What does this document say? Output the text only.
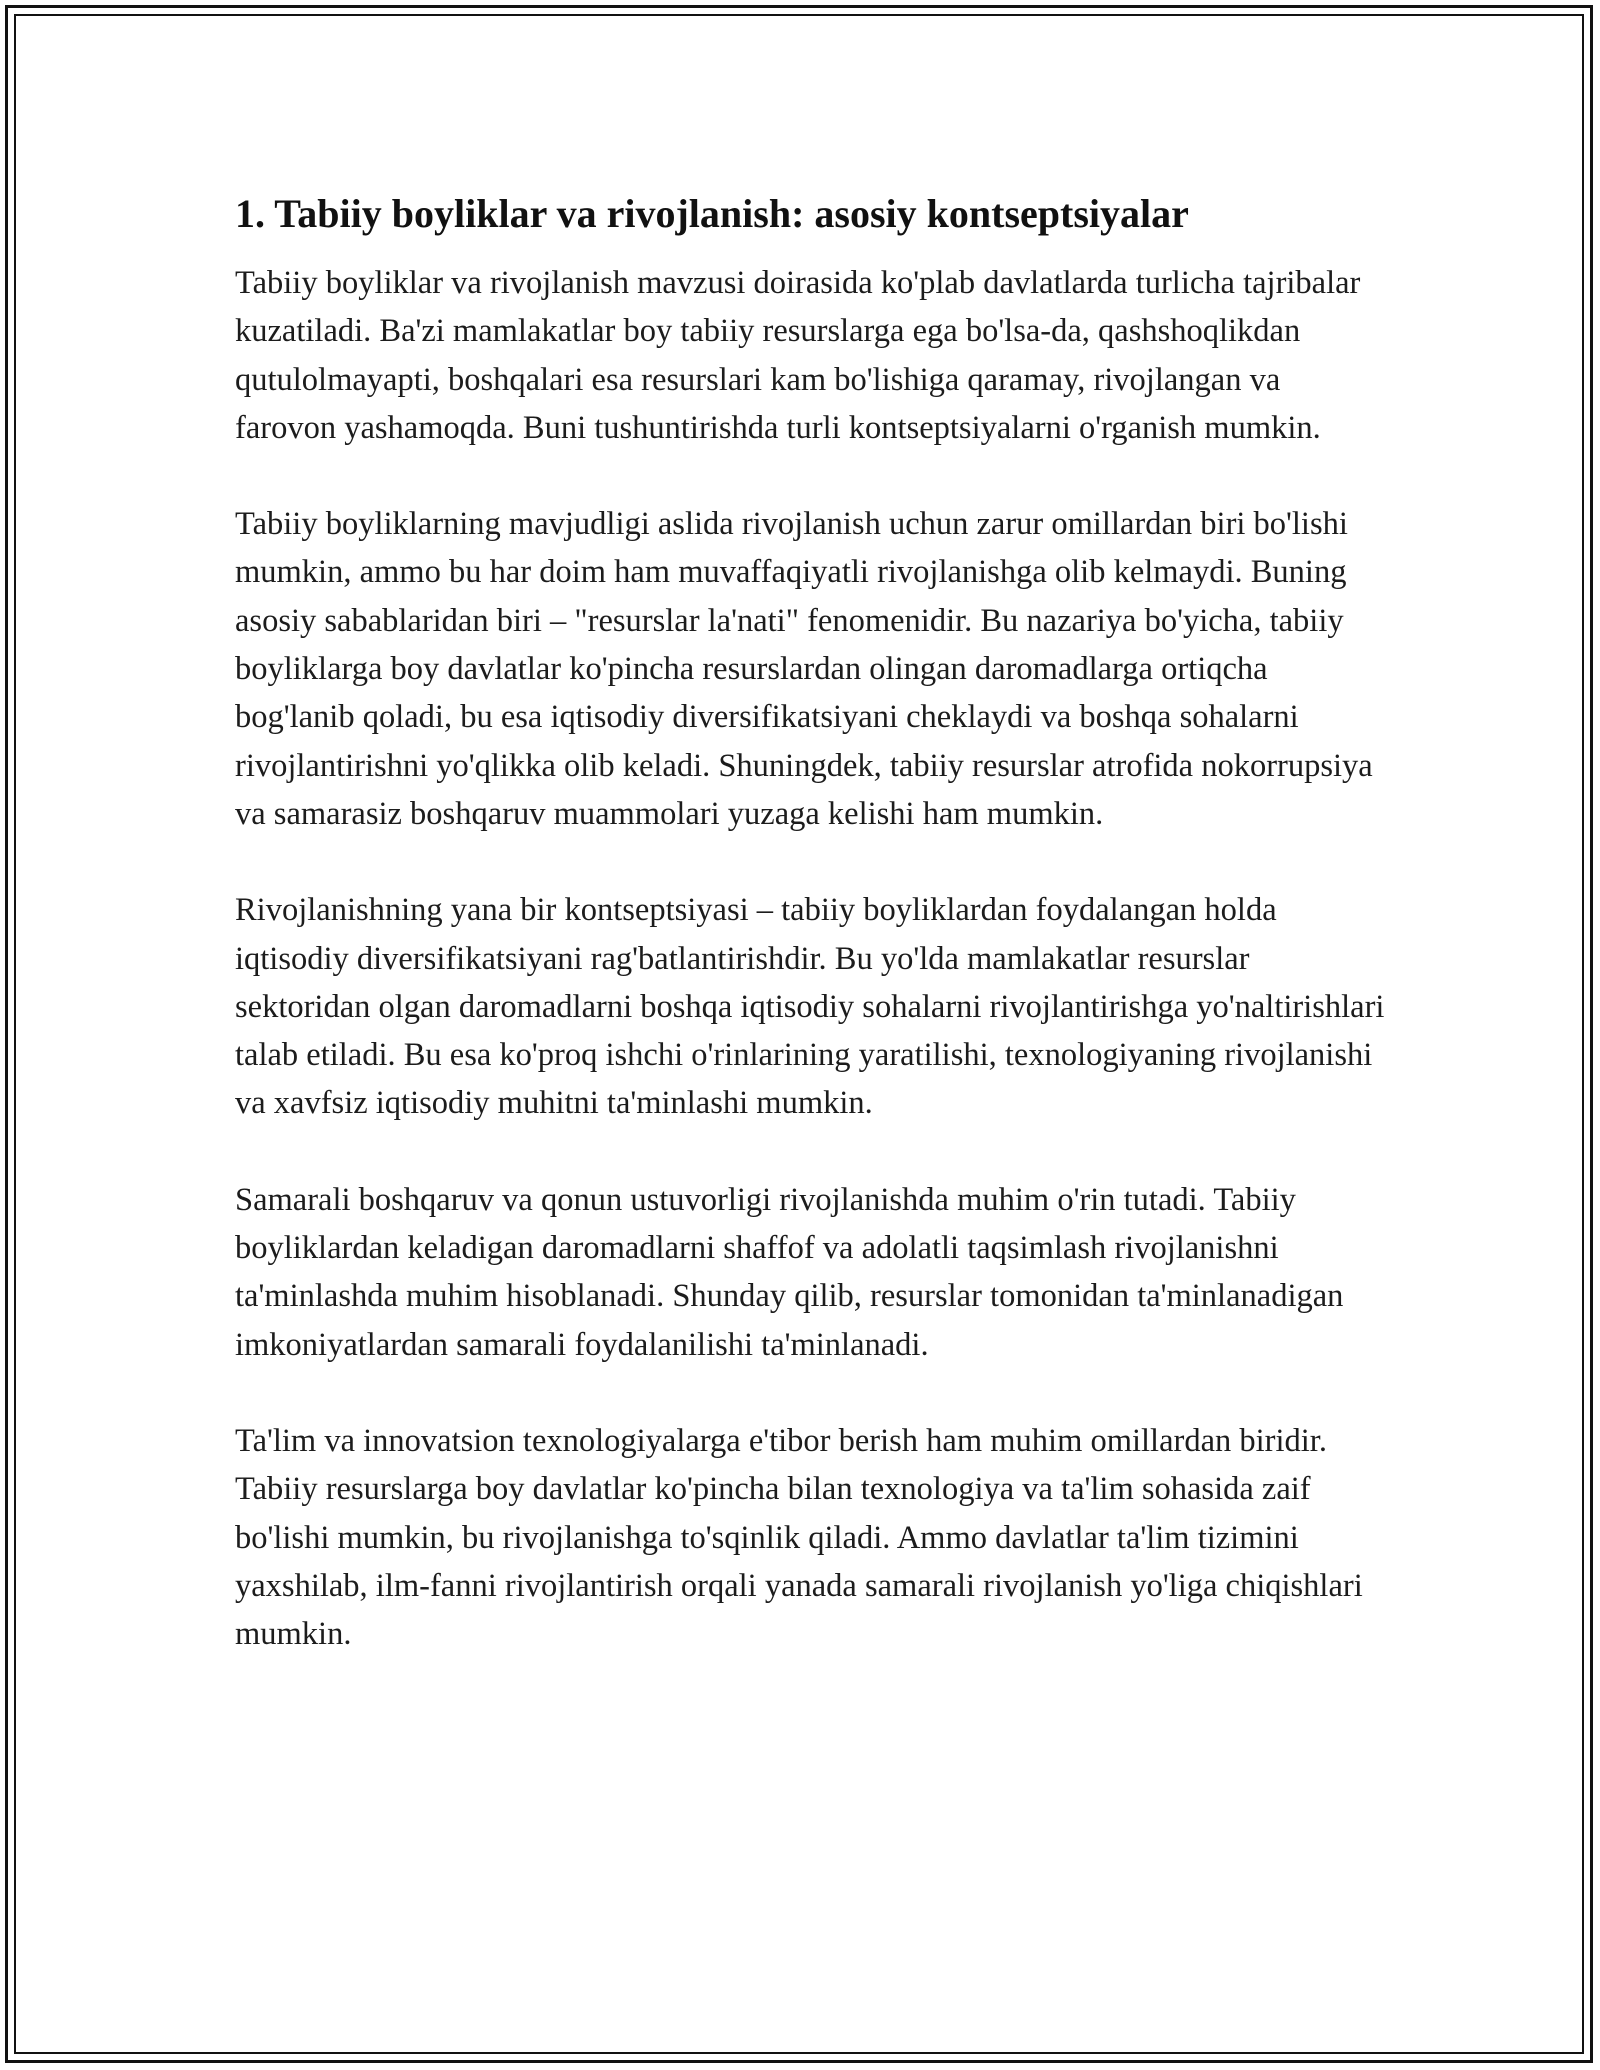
1. Tabiiy boyliklar va rivojlanish: asosiy kontseptsiyalar

Tabiiy boyliklar va rivojlanish mavzusi doirasida ko'plab davlatlarda turlicha tajribalar kuzatiladi. Ba'zi mamlakatlar boy tabiiy resurslarga ega bo'lsa-da, qashshoqlikdan qutulolmayapti, boshqalari esa resurslari kam bo'lishiga qaramay, rivojlangan va farovon yashamoqda. Buni tushuntirishda turli kontseptsiyalarni o'rganish mumkin.

Tabiiy boyliklarning mavjudligi aslida rivojlanish uchun zarur omillardan biri bo'lishi mumkin, ammo bu har doim ham muvaffaqiyatli rivojlanishga olib kelmaydi. Buning asosiy sabablaridan biri – "resurslar la'nati" fenomenidir. Bu nazariya bo'yicha, tabiiy boyliklarga boy davlatlar ko'pincha resurslardan olingan daromadlarga ortiqcha bog'lanib qoladi, bu esa iqtisodiy diversifikatsiyani cheklaydi va boshqa sohalarni rivojlantirishni yo'qlikka olib keladi. Shuningdek, tabiiy resurslar atrofida nokorrupsiya va samarasiz boshqaruv muammolari yuzaga kelishi ham mumkin.

Rivojlanishning yana bir kontseptsiyasi – tabiiy boyliklardan foydalangan holda iqtisodiy diversifikatsiyani rag'batlantirishdir. Bu yo'lda mamlakatlar resurslar sektoridan olgan daromadlarni boshqa iqtisodiy sohalarni rivojlantirishga yo'naltirishlari talab etiladi. Bu esa ko'proq ishchi o'rinlarining yaratilishi, texnologiyaning rivojlanishi va xavfsiz iqtisodiy muhitni ta'minlashi mumkin.

Samarali boshqaruv va qonun ustuvorligi rivojlanishda muhim o'rin tutadi. Tabiiy boyliklardan keladigan daromadlarni shaffof va adolatli taqsimlash rivojlanishni ta'minlashda muhim hisoblanadi. Shunday qilib, resurslar tomonidan ta'minlanadigan imkoniyatlardan samarali foydalanilishi ta'minlanadi.

Ta'lim va innovatsion texnologiyalarga e'tibor berish ham muhim omillardan biridir. Tabiiy resurslarga boy davlatlar ko'pincha bilan texnologiya va ta'lim sohasida zaif bo'lishi mumkin, bu rivojlanishga to'sqinlik qiladi. Ammo davlatlar ta'lim tizimini yaxshilab, ilm-fanni rivojlantirish orqali yanada samarali rivojlanish yo'liga chiqishlari mumkin.
